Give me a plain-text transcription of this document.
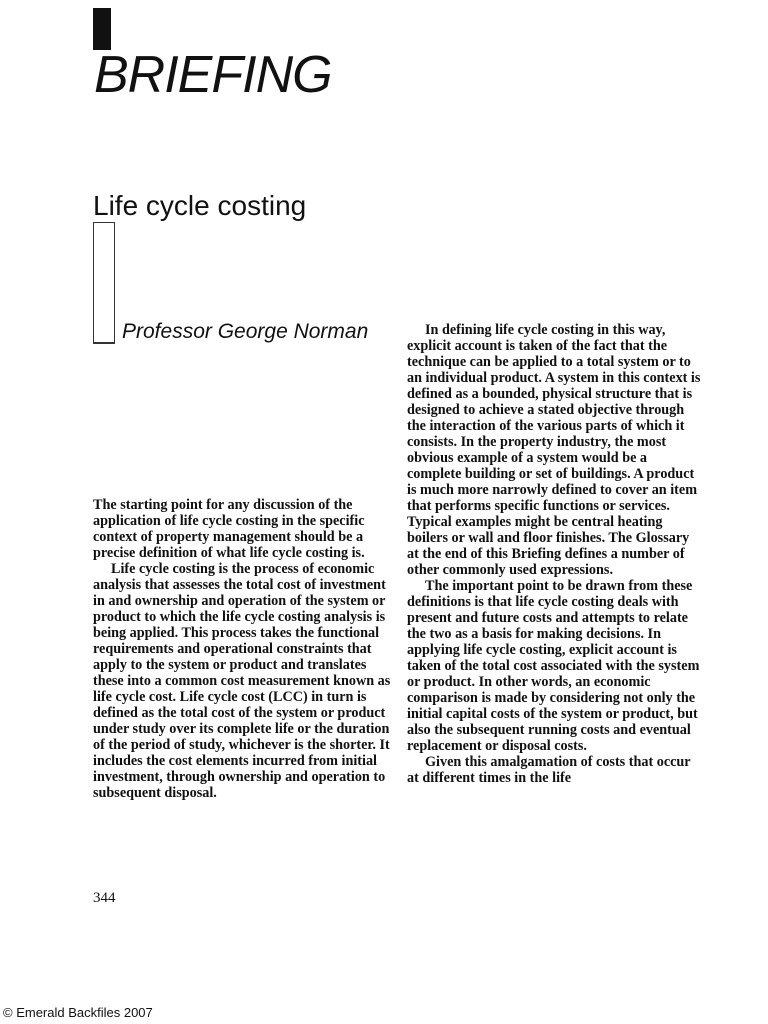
BRIEFING
Life cycle costing
Professor George Norman

The starting point for any discussion of the application of life cycle costing in the specific context of property management should be a precise definition of what life cycle costing is.

Life cycle costing is the process of economic analysis that assesses the total cost of investment in and ownership and operation of the system or product to which the life cycle costing analysis is being applied. This process takes the functional requirements and operational constraints that apply to the system or product and translates these into a common cost measurement known as life cycle cost. Life cycle cost (LCC) in turn is defined as the total cost of the system or product under study over its complete life or the duration of the period of study, whichever is the shorter. It includes the cost elements incurred from initial investment, through ownership and operation to subsequent disposal.

In defining life cycle costing in this way, explicit account is taken of the fact that the technique can be applied to a total system or to an individual product. A system in this context is defined as a bounded, physical structure that is designed to achieve a stated objective through the interaction of the various parts of which it consists. In the property industry, the most obvious example of a system would be a complete building or set of buildings. A product is much more narrowly defined to cover an item that performs specific functions or services. Typical examples might be central heating boilers or wall and floor finishes. The Glossary at the end of this Briefing defines a number of other commonly used expressions.

The important point to be drawn from these definitions is that life cycle costing deals with present and future costs and attempts to relate the two as a basis for making decisions. In applying life cycle costing, explicit account is taken of the total cost associated with the system or product. In other words, an economic comparison is made by considering not only the initial capital costs of the system or product, but also the subsequent running costs and eventual replacement or disposal costs.

Given this amalgamation of costs that occur at different times in the life

344
© Emerald Backfiles 2007
